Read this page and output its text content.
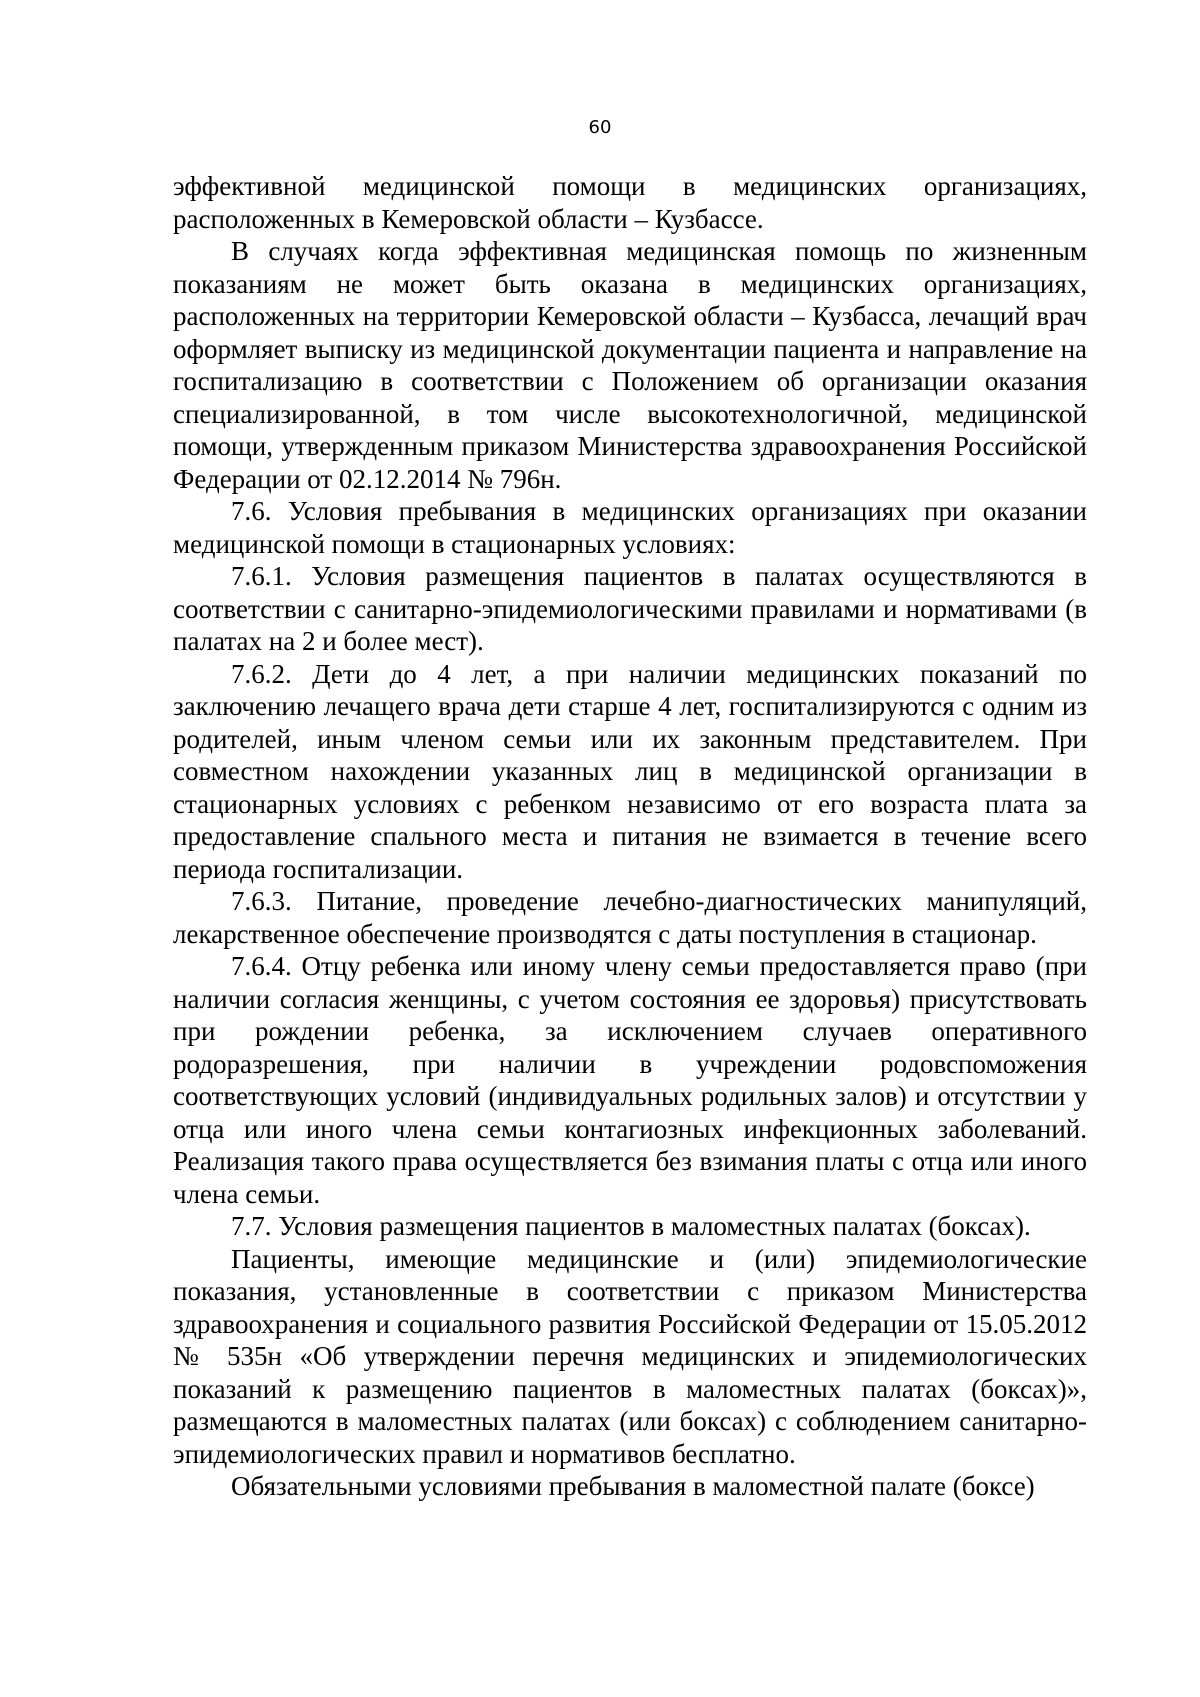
60

эффективной медицинской помощи в медицинских организациях, расположенных в Кемеровской области – Кузбассе.

В случаях когда эффективная медицинская помощь по жизненным показаниям не может быть оказана в медицинских организациях, расположенных на территории Кемеровской области – Кузбасса, лечащий врач оформляет выписку из медицинской документации пациента и направление на госпитализацию в соответствии с Положением об организации оказания специализированной, в том числе высокотехнологичной, медицинской помощи, утвержденным приказом Министерства здравоохранения Российской Федерации от 02.12.2014 № 796н.

7.6. Условия пребывания в медицинских организациях при оказании медицинской помощи в стационарных условиях:

7.6.1. Условия размещения пациентов в палатах осуществляются в соответствии с санитарно-эпидемиологическими правилами и нормативами (в палатах на 2 и более мест).

7.6.2. Дети до 4 лет, а при наличии медицинских показаний по заключению лечащего врача дети старше 4 лет, госпитализируются с одним из родителей, иным членом семьи или их законным представителем. При совместном нахождении указанных лиц в медицинской организации в стационарных условиях с ребенком независимо от его возраста плата за предоставление спального места и питания не взимается в течение всего периода госпитализации.

7.6.3. Питание, проведение лечебно-диагностических манипуляций, лекарственное обеспечение производятся с даты поступления в стационар.

7.6.4. Отцу ребенка или иному члену семьи предоставляется право (при наличии согласия женщины, с учетом состояния ее здоровья) присутствовать при рождении ребенка, за исключением случаев оперативного родоразрешения, при наличии в учреждении родовспоможения соответствующих условий (индивидуальных родильных залов) и отсутствии у отца или иного члена семьи контагиозных инфекционных заболеваний. Реализация такого права осуществляется без взимания платы с отца или иного члена семьи.

7.7. Условия размещения пациентов в маломестных палатах (боксах).

Пациенты, имеющие медицинские и (или) эпидемиологические показания, установленные в соответствии с приказом Министерства здравоохранения и социального развития Российской Федерации от 15.05.2012 № 535н «Об утверждении перечня медицинских и эпидемиологических показаний к размещению пациентов в маломестных палатах (боксах)», размещаются в маломестных палатах (или боксах) с соблюдением санитарно-эпидемиологических правил и нормативов бесплатно.

Обязательными условиями пребывания в маломестной палате (боксе)
